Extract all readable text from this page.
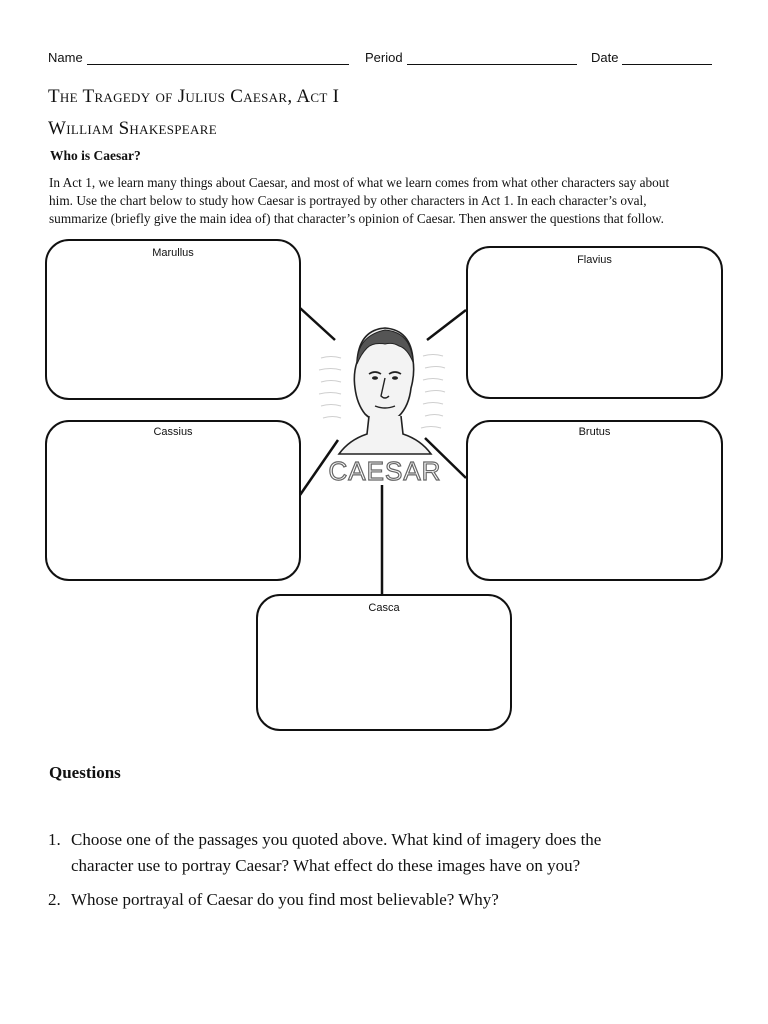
Name	Period	Date
The Tragedy of Julius Caesar, Act I
William Shakespeare
Who is Caesar?
In Act 1, we learn many things about Caesar, and most of what we learn comes from what other characters say about
him. Use the chart below to study how Caesar is portrayed by other characters in Act 1. In each character’s oval,
summarize (briefly give the main idea of) that character’s opinion of Caesar. Then answer the questions that follow.
CAESAR
Marullus
Flavius
Cassius	Brutus
Casca
Questions
1. Choose one of the passages you quoted above. What kind of imagery does the
character use to portray Caesar? What effect do these images have on you?
2. Whose portrayal of Caesar do you find most believable? Why?
